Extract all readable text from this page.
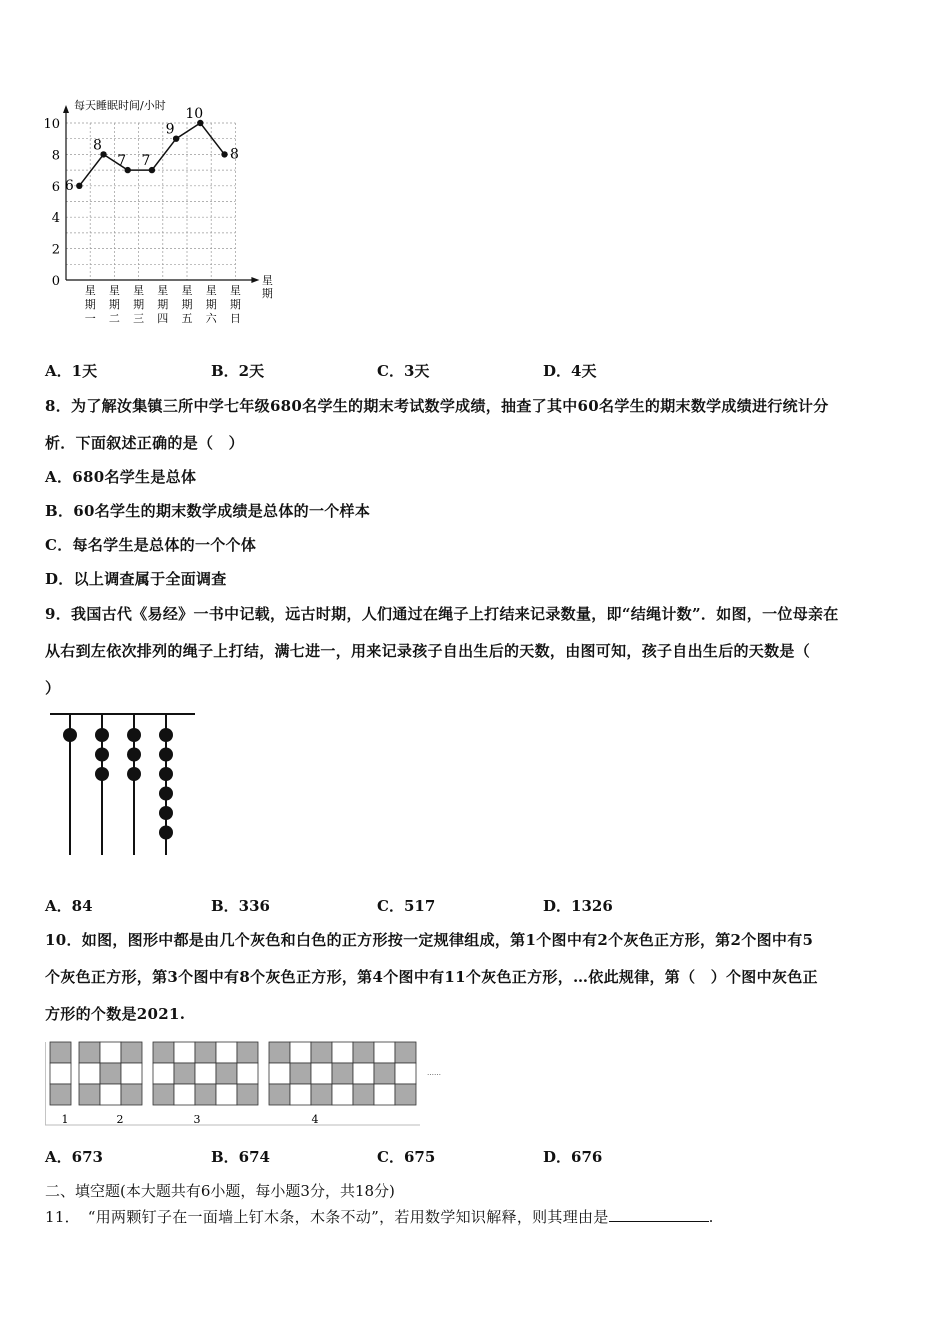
每天睡眠时间/小时
0
2
4
6
8
10
星
期
一
星
期
二
星
期
三
星
期
四
星
期
五
星
期
六
星
期
日
6
8
7 7
9
10
8
星
期
A．1天	B．2天	C．3天	D．4天
8．为了解汝集镇三所中学七年级680名学生的期末考试数学成绩，抽查了其中60名学生的期末数学成绩进行统计分
析．下面叙述正确的是（　）
A．680名学生是总体
B．60名学生的期末数学成绩是总体的一个样本
C．每名学生是总体的一个个体
D．以上调查属于全面调查
9．我国古代《易经》一书中记载，远古时期，人们通过在绳子上打结来记录数量，即“结绳计数”．如图，一位母亲在
从右到左依次排列的绳子上打结，满七进一，用来记录孩子自出生后的天数，由图可知，孩子自出生后的天数是（
）
A．84	B．336	C．517	D．1326
10．如图，图形中都是由几个灰色和白色的正方形按一定规律组成，第1个图中有2个灰色正方形，第2个图中有5
个灰色正方形，第3个图中有8个灰色正方形，第4个图中有11个灰色正方形，…依此规律，第（　）个图中灰色正
方形的个数是2021.
……
1	2	3	4
A．673	B．674	C．675	D．676
二、填空题(本大题共有6小题，每小题3分，共18分)
11．　“用两颗钉子在一面墙上钉木条，木条不动”，若用数学知识解释，则其理由是	.
